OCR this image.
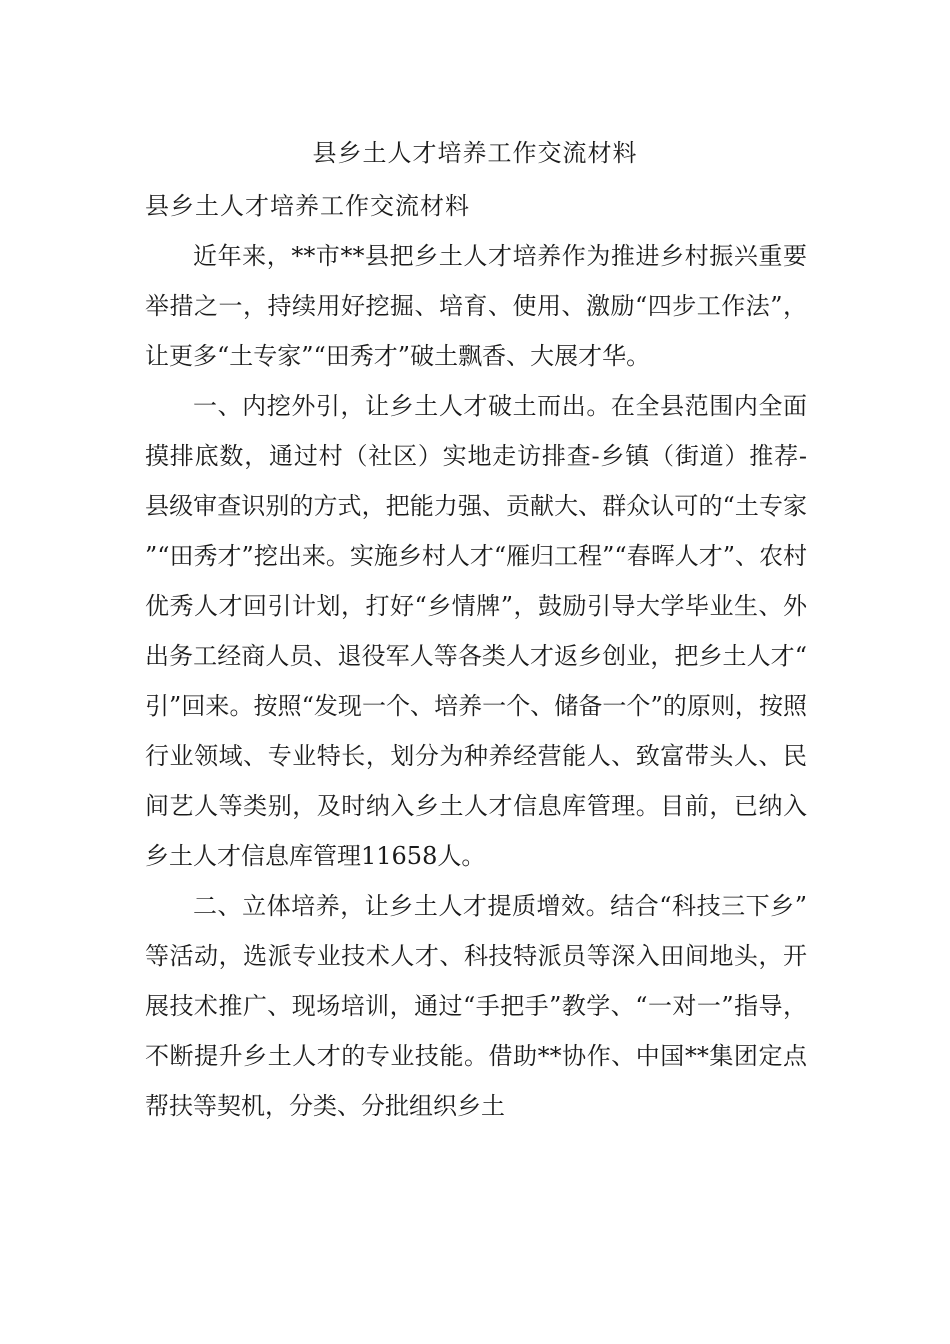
县乡土人才培养工作交流材料

县乡土人才培养工作交流材料

近年来，**市**县把乡土人才培养作为推进乡村振兴重要举措之一，持续用好挖掘、培育、使用、激励“四步工作法”，让更多“土专家”“田秀才”破土飘香、大展才华。

一、内挖外引，让乡土人才破土而出。在全县范围内全面摸排底数，通过村（社区）实地走访排查-乡镇（街道）推荐-县级审查识别的方式，把能力强、贡献大、群众认可的“土专家”“田秀才”挖出来。实施乡村人才“雁归工程”“春晖人才”、农村优秀人才回引计划，打好“乡情牌”，鼓励引导大学毕业生、外出务工经商人员、退役军人等各类人才返乡创业，把乡土人才“引”回来。按照“发现一个、培养一个、储备一个”的原则，按照行业领域、专业特长，划分为种养经营能人、致富带头人、民间艺人等类别，及时纳入乡土人才信息库管理。目前，已纳入乡土人才信息库管理11658人。

二、立体培养，让乡土人才提质增效。结合“科技三下乡”等活动，选派专业技术人才、科技特派员等深入田间地头，开展技术推广、现场培训，通过“手把手”教学、“一对一”指导，不断提升乡土人才的专业技能。借助**协作、中国**集团定点帮扶等契机，分类、分批组织乡土
